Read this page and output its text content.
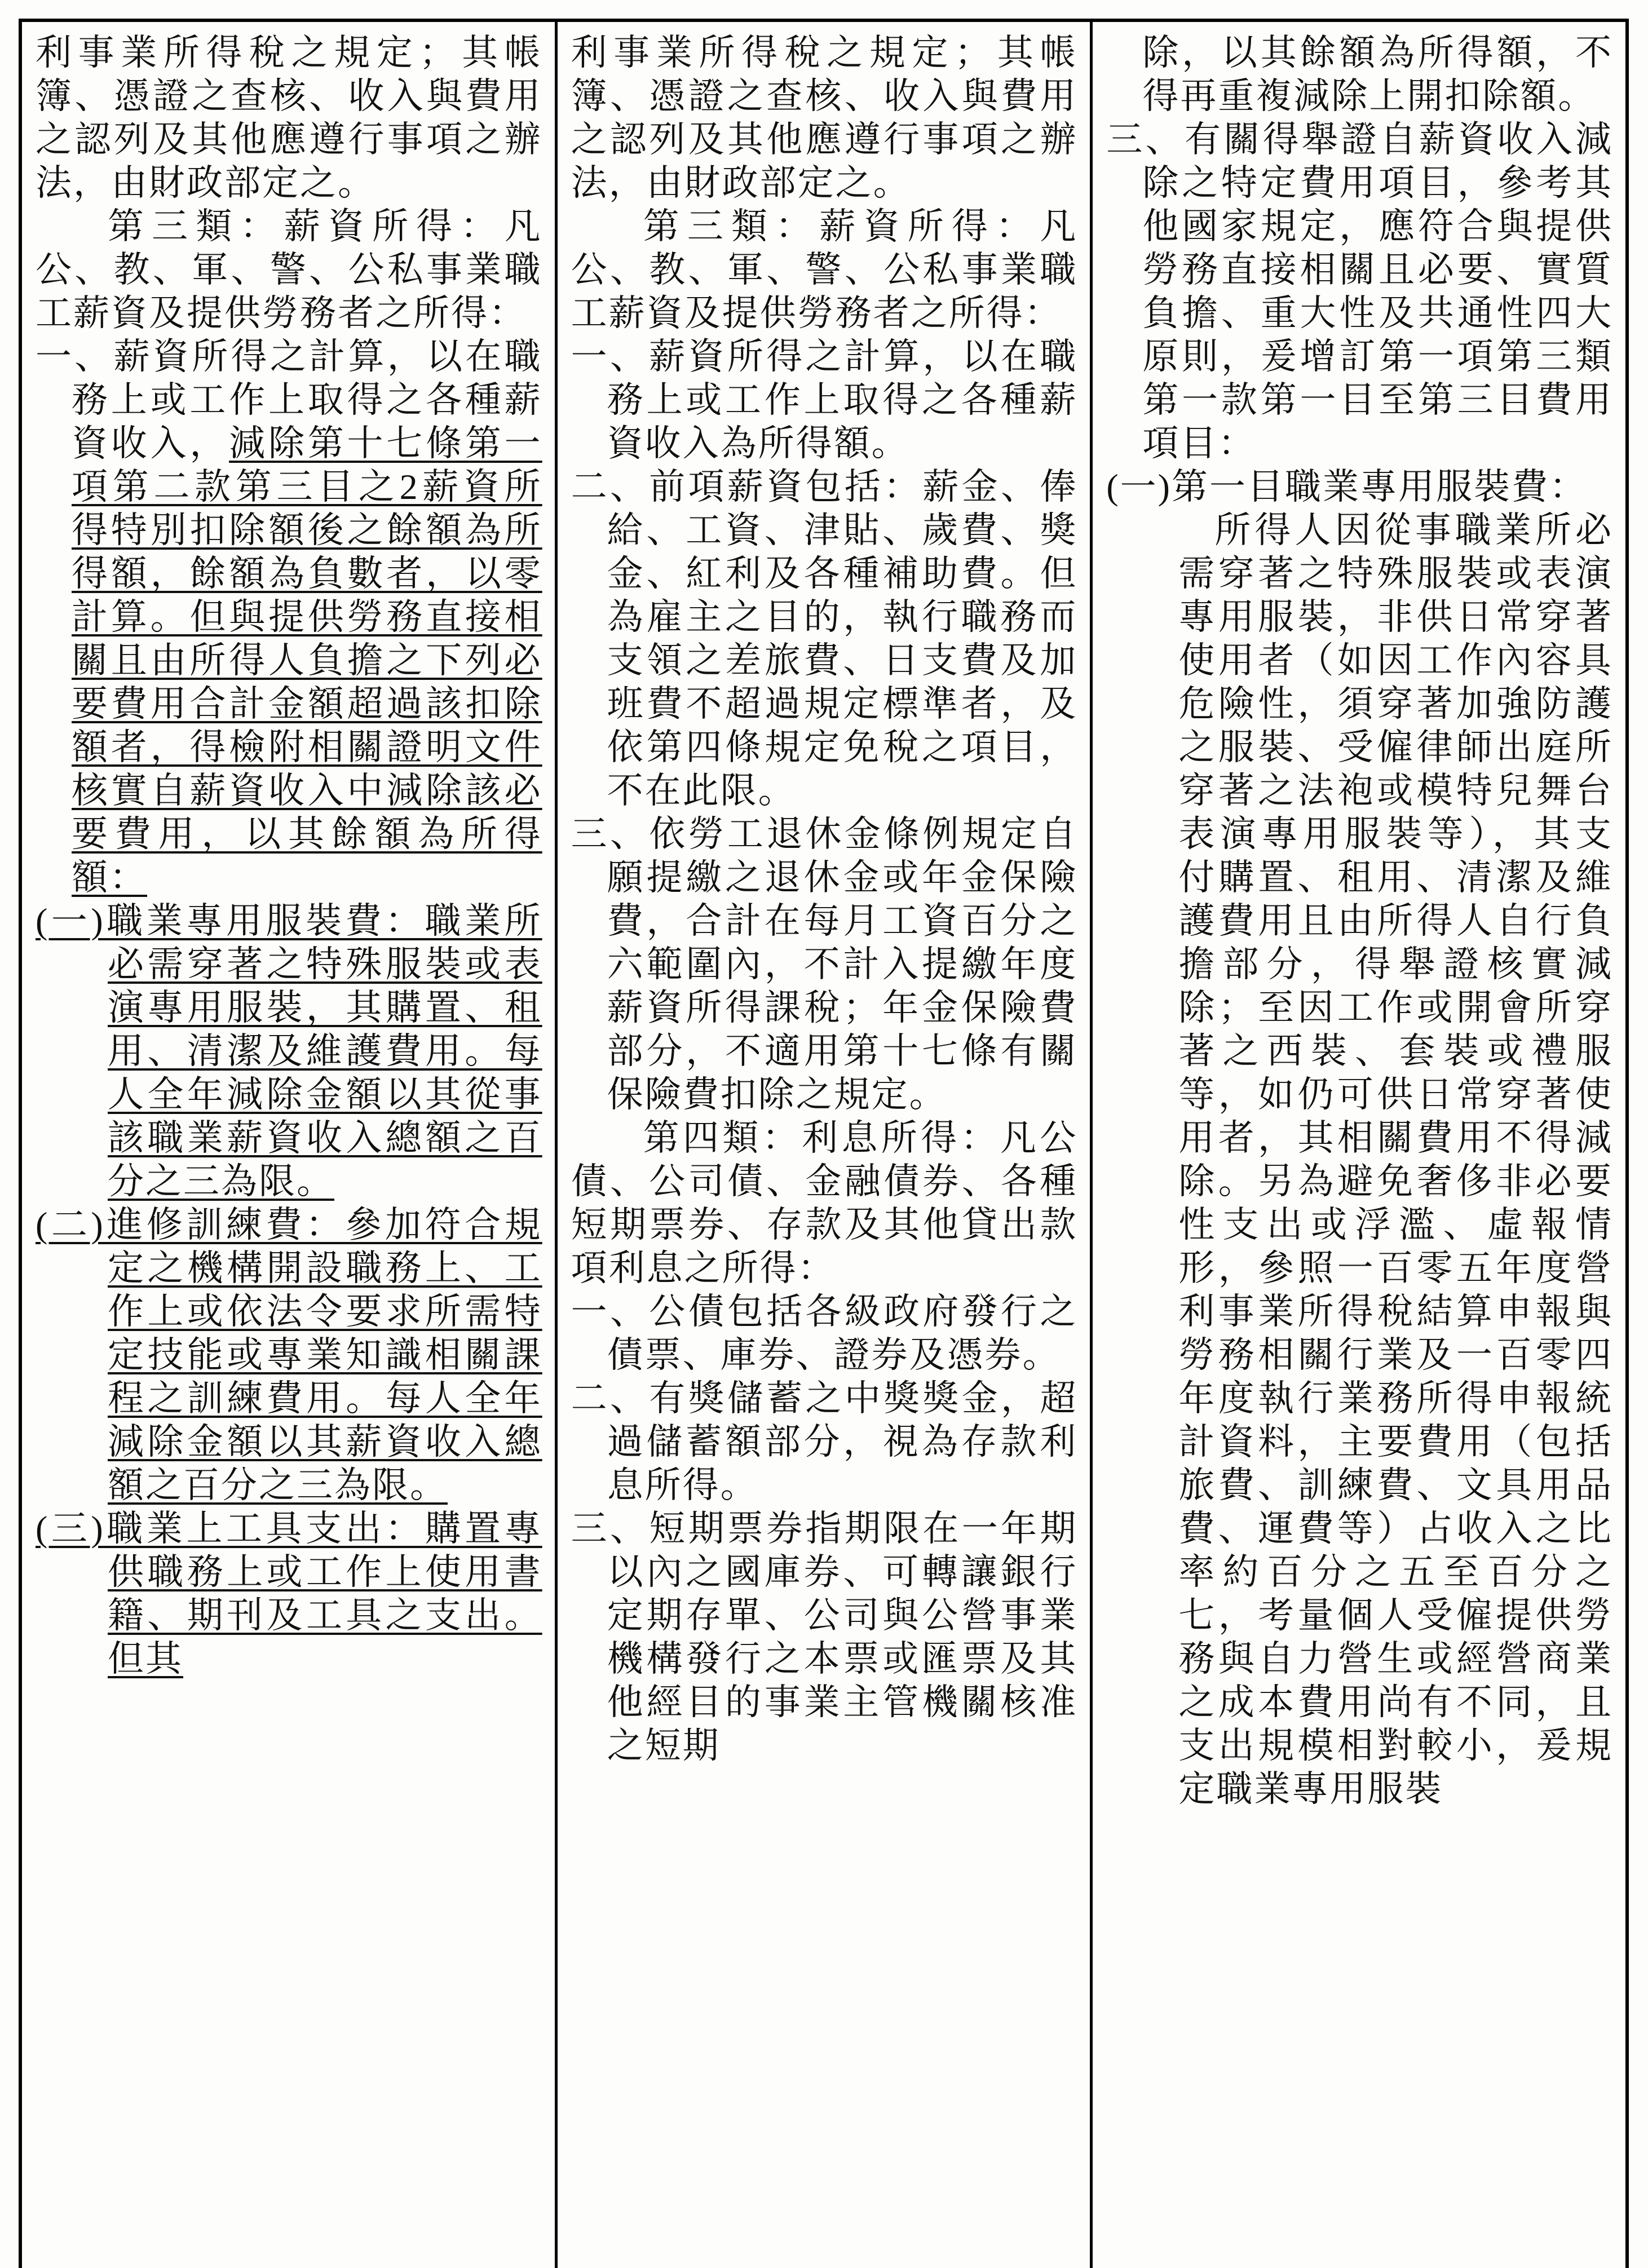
利事業所得稅之規定；其帳簿、憑證之查核、收入與費用之認列及其他應遵行事項之辦法，由財政部定之。

第三類：薪資所得：凡公、教、軍、警、公私事業職工薪資及提供勞務者之所得：

一、薪資所得之計算，以在職務上或工作上取得之各種薪資收入，減除第十七條第一項第二款第三目之2薪資所得特別扣除額後之餘額為所得額，餘額為負數者，以零計算。但與提供勞務直接相關且由所得人負擔之下列必要費用合計金額超過該扣除額者，得檢附相關證明文件核實自薪資收入中減除該必要費用，以其餘額為所得額：

(一)職業專用服裝費：職業所必需穿著之特殊服裝或表演專用服裝，其購置、租用、清潔及維護費用。每人全年減除金額以其從事該職業薪資收入總額之百分之三為限。

(二)進修訓練費：參加符合規定之機構開設職務上、工作上或依法令要求所需特定技能或專業知識相關課程之訓練費用。每人全年減除金額以其薪資收入總額之百分之三為限。

(三)職業上工具支出：購置專供職務上或工作上使用書籍、期刊及工具之支出。但其

利事業所得稅之規定；其帳簿、憑證之查核、收入與費用之認列及其他應遵行事項之辦法，由財政部定之。

第三類：薪資所得：凡公、教、軍、警、公私事業職工薪資及提供勞務者之所得：

一、薪資所得之計算，以在職務上或工作上取得之各種薪資收入為所得額。

二、前項薪資包括：薪金、俸給、工資、津貼、歲費、獎金、紅利及各種補助費。但為雇主之目的，執行職務而支領之差旅費、日支費及加班費不超過規定標準者，及依第四條規定免稅之項目，不在此限。

三、依勞工退休金條例規定自願提繳之退休金或年金保險費，合計在每月工資百分之六範圍內，不計入提繳年度薪資所得課稅；年金保險費部分，不適用第十七條有關保險費扣除之規定。

第四類：利息所得：凡公債、公司債、金融債券、各種短期票券、存款及其他貸出款項利息之所得：

一、公債包括各級政府發行之債票、庫券、證券及憑券。

二、有獎儲蓄之中獎獎金，超過儲蓄額部分，視為存款利息所得。

三、短期票券指期限在一年期以內之國庫券、可轉讓銀行定期存單、公司與公營事業機構發行之本票或匯票及其他經目的事業主管機關核准之短期

除，以其餘額為所得額，不得再重複減除上開扣除額。

三、有關得舉證自薪資收入減除之特定費用項目，參考其他國家規定，應符合與提供勞務直接相關且必要、實質負擔、重大性及共通性四大原則，爰增訂第一項第三類第一款第一目至第三目費用項目：

(一)第一目職業專用服裝費：

所得人因從事職業所必需穿著之特殊服裝或表演專用服裝，非供日常穿著使用者（如因工作內容具危險性，須穿著加強防護之服裝、受僱律師出庭所穿著之法袍或模特兒舞台表演專用服裝等），其支付購置、租用、清潔及維護費用且由所得人自行負擔部分，得舉證核實減除；至因工作或開會所穿著之西裝、套裝或禮服等，如仍可供日常穿著使用者，其相關費用不得減除。另為避免奢侈非必要性支出或浮濫、虛報情形，參照一百零五年度營利事業所得稅結算申報與勞務相關行業及一百零四年度執行業務所得申報統計資料，主要費用（包括旅費、訓練費、文具用品費、運費等）占收入之比率約百分之五至百分之七，考量個人受僱提供勞務與自力營生或經營商業之成本費用尚有不同，且支出規模相對較小，爰規定職業專用服裝
